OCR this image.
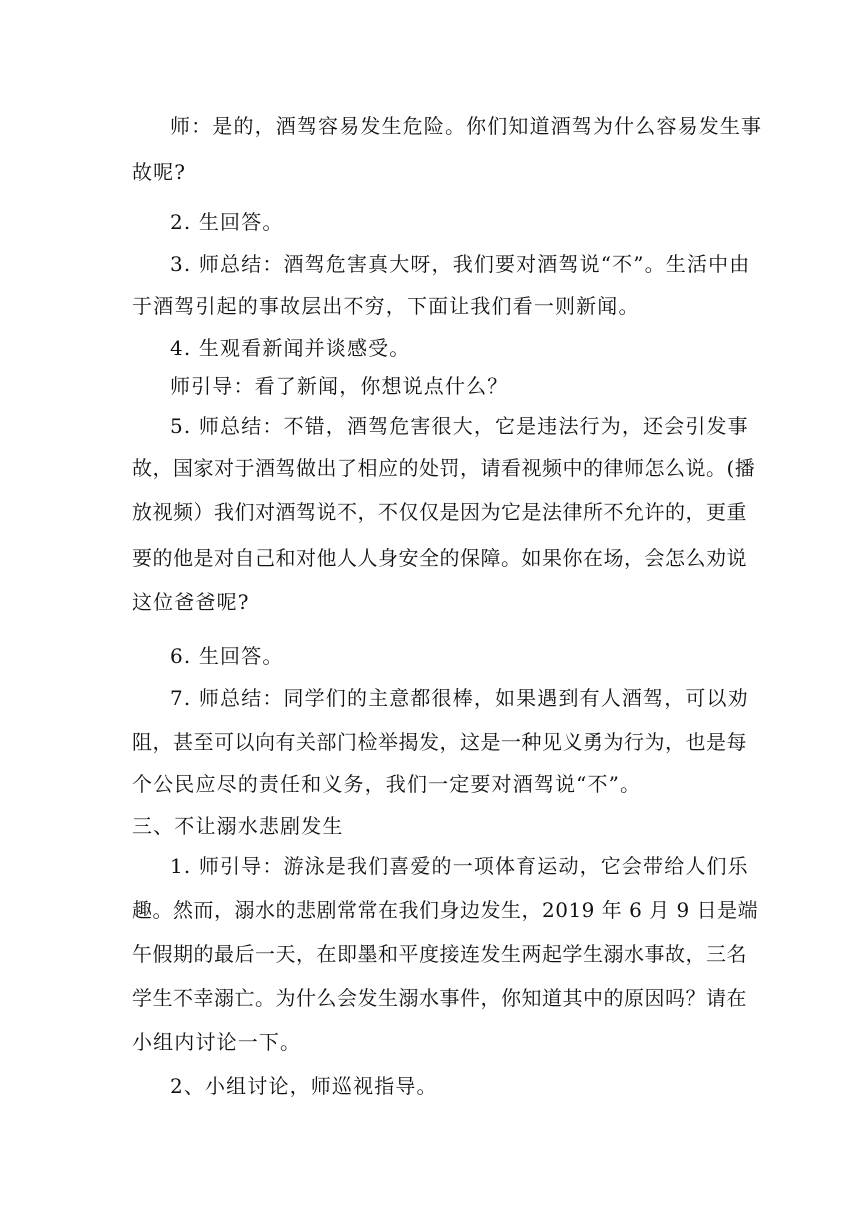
师：是的，酒驾容易发生危险。你们知道酒驾为什么容易发生事
故呢?
2. 生回答。
3. 师总结：酒驾危害真大呀，我们要对酒驾说“不”。生活中由
于酒驾引起的事故层出不穷，下面让我们看一则新闻。
4. 生观看新闻并谈感受。
师引导：看了新闻，你想说点什么？
5. 师总结：不错，酒驾危害很大，它是违法行为，还会引发事
故，国家对于酒驾做出了相应的处罚，请看视频中的律师怎么说。(播
放视频）我们对酒驾说不，不仅仅是因为它是法律所不允许的，更重
要的他是对自己和对他人人身安全的保障。如果你在场，会怎么劝说
这位爸爸呢?
6. 生回答。
7. 师总结：同学们的主意都很棒，如果遇到有人酒驾，可以劝
阻，甚至可以向有关部门检举揭发，这是一种见义勇为行为，也是每
个公民应尽的责任和义务，我们一定要对酒驾说“不”。
三、不让溺水悲剧发生
1. 师引导：游泳是我们喜爱的一项体育运动，它会带给人们乐
趣。然而，溺水的悲剧常常在我们身边发生，2019 年 6 月 9 日是端
午假期的最后一天，在即墨和平度接连发生两起学生溺水事故，三名
学生不幸溺亡。为什么会发生溺水事件，你知道其中的原因吗？请在
小组内讨论一下。
2、小组讨论，师巡视指导。
